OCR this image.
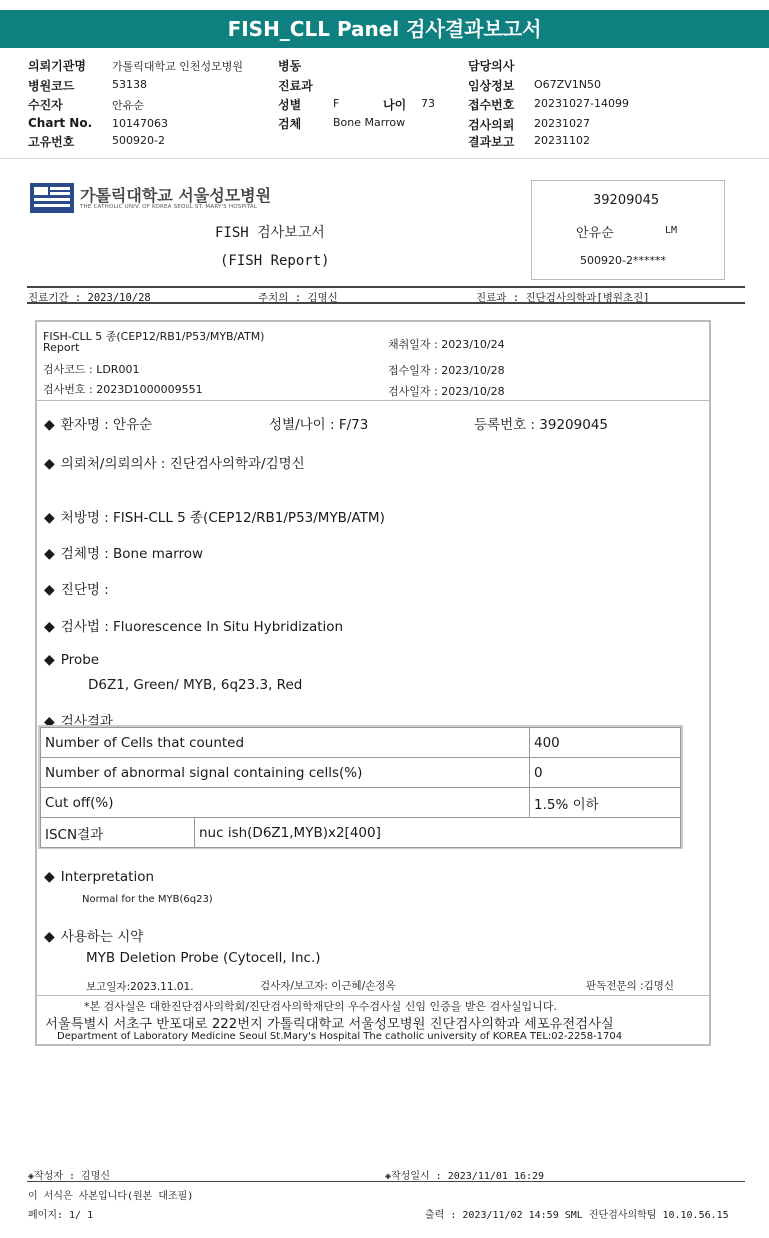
FISH_CLL Panel 검사결과보고서
의뢰기관명 가톨릭대학교 인천성모병원
병원코드	53138
수진자	안유순
Chart No. 10147063
고유번호	500920-2
병동
진료과
성별	F	나이 73
검체	Bone Marrow
담당의사
임상정보 O67ZV1N50
접수번호 20231027-14099
검사의뢰 20231027
결과보고 20231102
가톨릭대학교 서울성모병원
THE CATHOLIC UNIV. OF KOREA SEOUL ST. MARY'S HOSPITAL
FISH 검사보고서
(FISH Report)
39209045
안유순	LM
500920-2******
진료기간 : 2023/10/28	주치의 : 김명신	진료과 : 진단검사의학과[병원초진]
FISH-CLL 5 종(CEP12/RB1/P53/MYB/ATM)
Report
검사코드 : LDR001
검사번호 : 2023D1000009551
채취일자 : 2023/10/24
접수일자 : 2023/10/28
검사일자 : 2023/10/28
◆ 환자명 : 안유순	성별/나이 : F/73	등록번호 : 39209045
◆ 의뢰처/의뢰의사 : 진단검사의학과/김명신
◆ 처방명 : FISH-CLL 5 종(CEP12/RB1/P53/MYB/ATM)
◆ 검체명 : Bone marrow
◆ 진단명 :
◆ 검사법 : Fluorescence In Situ Hybridization
◆ Probe
D6Z1, Green/ MYB, 6q23.3, Red
◆ 검사결과
Number of Cells that counted		400
Number of abnormal signal containing cells(%)		0
Cut off(%)		1.5% 이하
ISCN결과	nuc ish(D6Z1,MYB)x2[400]	
◆ Interpretation
Normal for the MYB(6q23)
◆ 사용하는 시약
MYB Deletion Probe (Cytocell, Inc.)
보고일자:2023.11.01.	검사자/보고자: 이근혜/손정옥	판독전문의 :김명신
*본 검사실은 대한진단검사의학회/진단검사의학재단의 우수검사실 신임 인증을 받은 검사실입니다.
서울특별시 서초구 반포대로 222번지 가톨릭대학교 서울성모병원 진단검사의학과 세포유전검사실
Department of Laboratory Medicine Seoul St.Mary's Hospital The catholic university of KOREA TEL:02-2258-1704
◈작성자 : 김명신	◈작성일시 : 2023/11/01 16:29
이 서식은 사본입니다(원본 대조필)
페이지: 1/ 1	출력 : 2023/11/02 14:59 SML 진단검사의학팀 10.10.56.15
